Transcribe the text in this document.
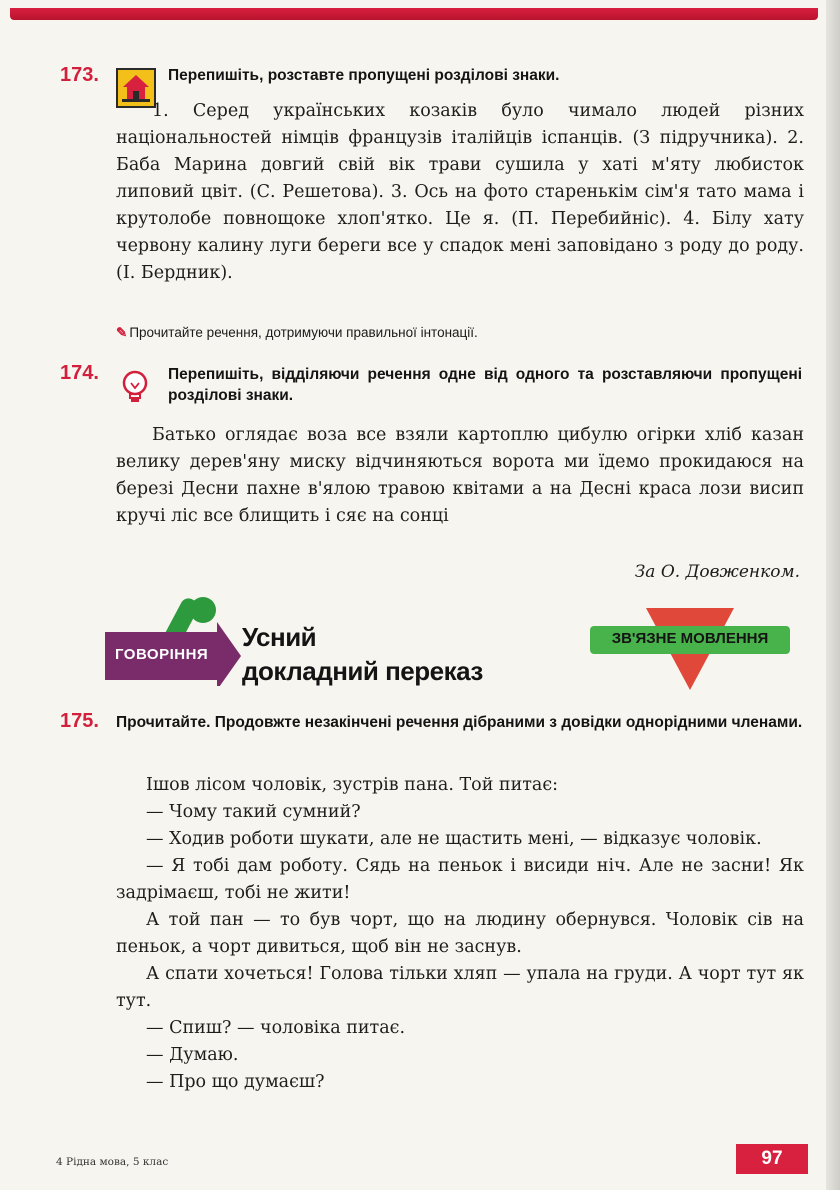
173.	Перепишіть, розставте пропущені розділові знаки.

1. Серед українських козаків було чимало людей різних національностей німців французів італійців іспанців. (З підручника). 2. Баба Марина довгий свій вік трави сушила у хаті м'яту любисток липовий цвіт. (С. Решетова). 3. Ось на фото старенькім сім'я тато мама і крутолобе повнощоке хлоп'ятко. Це я. (П. Перебийніс). 4. Білу хату червону калину луги береги все у спадок мені заповідано з роду до роду. (І. Бердник).

✎ Прочитайте речення, дотримуючи правильної інтонації.
174.	Перепишіть, відділяючи речення одне від одного та розставляючи пропущені розділові знаки.

Батько оглядає воза все взяли картоплю цибулю огірки хліб казан велику дерев'яну миску відчиняються ворота ми їдемо прокидаюся на березі Десни пахне в'ялою травою квітами а на Десні краса лози висип кручі ліс все блищить і сяє на сонці

За О. Довженком.
ГОВОРІННЯ
Усний
докладний переказ
ЗВ'ЯЗНЕ МОВЛЕННЯ
175. Прочитайте. Продовжте незакінчені речення дібраними з довідки однорідними членами.

Ішов лісом чоловік, зустрів пана. Той питає:

— Чому такий сумний?

— Ходив роботи шукати, але не щастить мені, — відказує чоловік.

— Я тобі дам роботу. Сядь на пеньок і висиди ніч. Але не засни! Як задрімаєш, тобі не жити!

А той пан — то був чорт, що на людину обернувся. Чоловік сів на пеньок, а чорт дивиться, щоб він не заснув.

А спати хочеться! Голова тільки хляп — упала на груди. А чорт тут як тут.

— Спиш? — чоловіка питає.

— Думаю.

— Про що думаєш?

4 Рідна мова, 5 клас	97
